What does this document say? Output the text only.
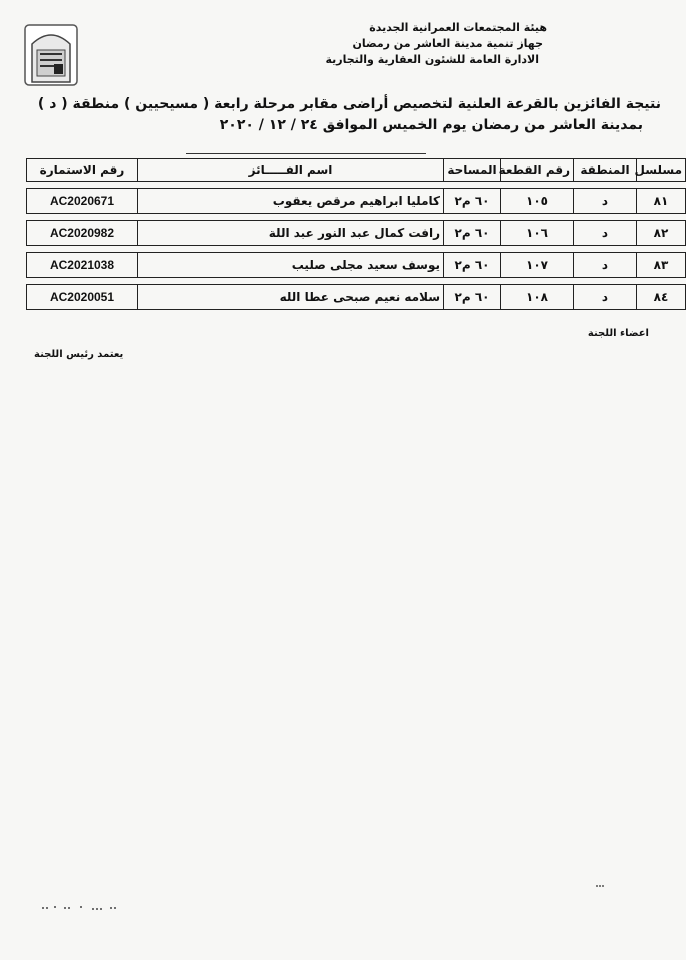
هيئة المجتمعات العمرانية الجديدة
جهاز تنمية مدينة العاشر من رمضان
الادارة العامة للشئون العقارية والتجارية
نتيجة الفائزين بالقرعة العلنية لتخصيص أراضى مقابر مرحلة رابعة ( مسيحيين ) منطقة ( د )
بمدينة العاشر من رمضان يوم الخميس الموافق ٢٤ / ١٢ / ٢٠٢٠
مسلسل	المنطقة	رقم القطعة	المساحة	اسم الفـــــائز	رقم الاستمارة

٨١	د	١٠٥	٦٠ م٢	كامليا ابراهيم مرقص يعقوب	AC2020671

٨٢	د	١٠٦	٦٠ م٢	رافت كمال عبد النور عبد اللة	AC2020982

٨٣	د	١٠٧	٦٠ م٢	يوسف سعيد مجلى صليب	AC2021038

٨٤	د	١٠٨	٦٠ م٢	سلامه نعيم صبحى عطا الله	AC2020051
اعضاء اللجنة
يعتمد رئيس اللجنة
